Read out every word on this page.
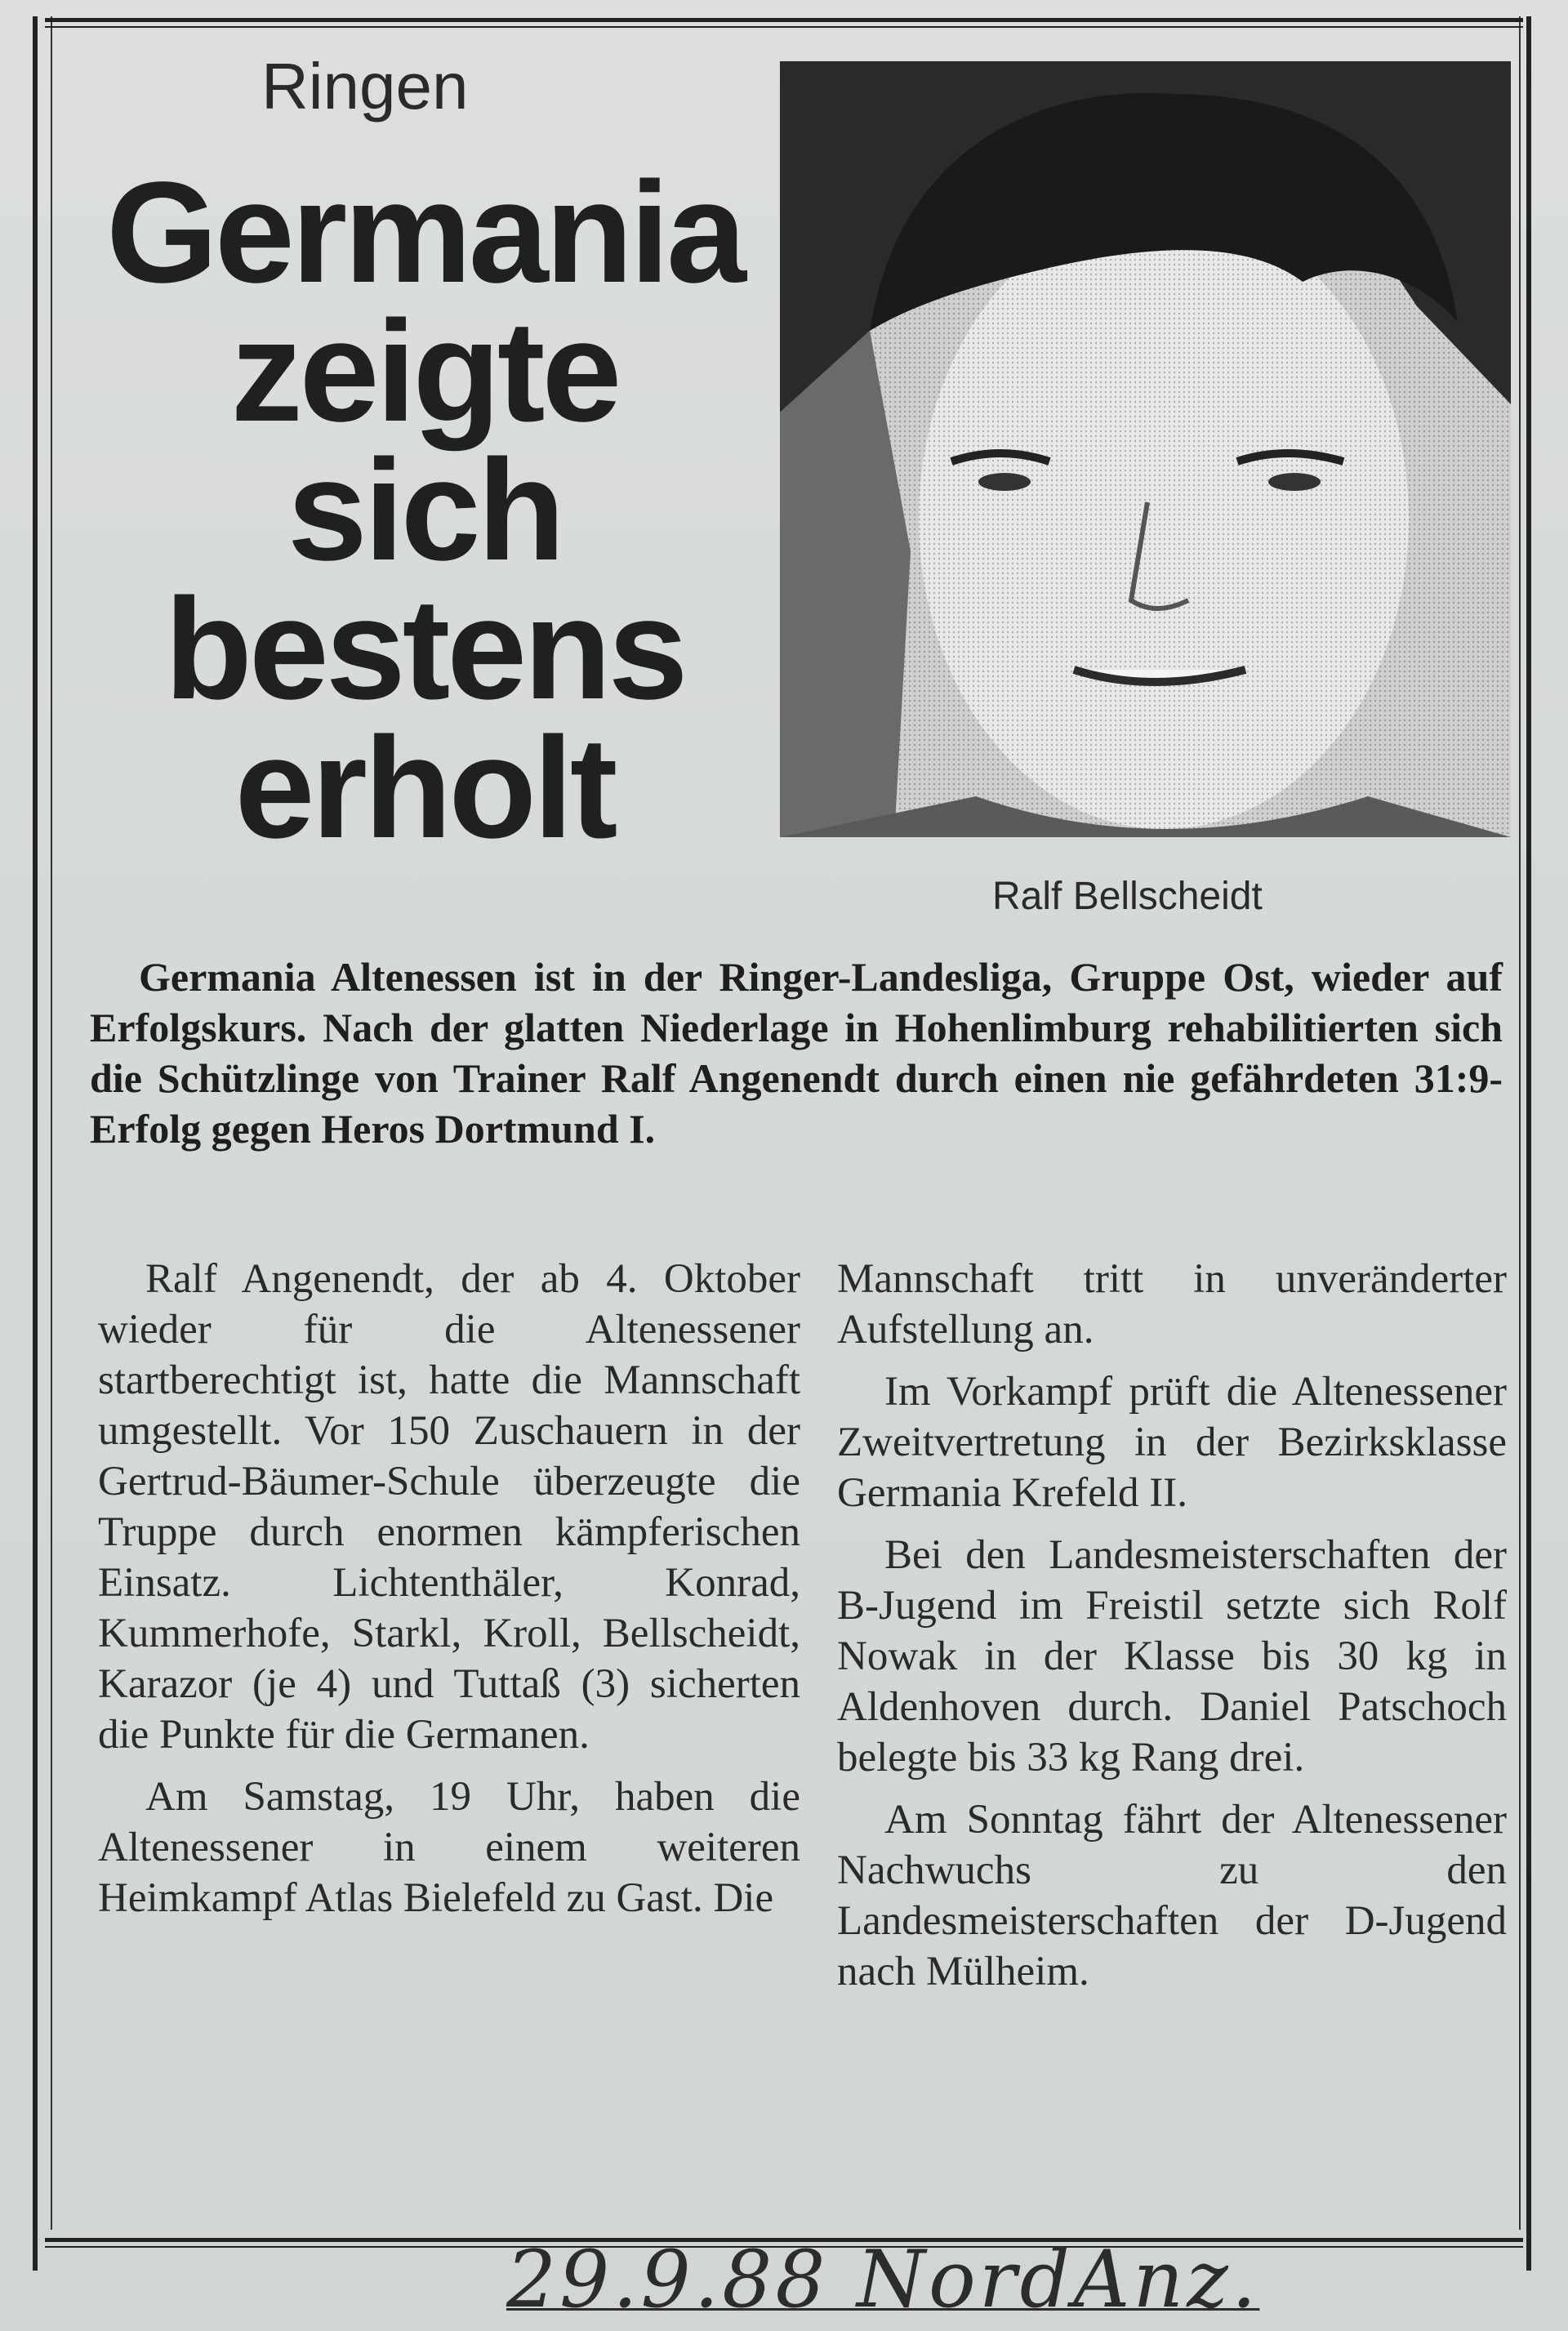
Ringen
Germania
zeigte
sich
bestens
erholt
Ralf Bellscheidt
Germania Altenessen ist in der Ringer-Landesliga, Gruppe Ost, wieder auf Erfolgskurs. Nach der glatten Niederlage in Hohenlimburg rehabilitierten sich die Schützlinge von Trainer Ralf Angenendt durch einen nie gefährdeten 31:9-Erfolg gegen Heros Dortmund I.

Ralf Angenendt, der ab 4. Oktober wieder für die Altenessener startberechtigt ist, hatte die Mannschaft umgestellt. Vor 150 Zuschauern in der Gertrud-Bäumer-Schule überzeugte die Truppe durch enormen kämpferischen Einsatz. Lichtenthäler, Konrad, Kummerhofe, Starkl, Kroll, Bellscheidt, Karazor (je 4) und Tuttaß (3) sicherten die Punkte für die Germanen.

Am Samstag, 19 Uhr, haben die Altenessener in einem weiteren Heimkampf Atlas Bielefeld zu Gast. Die

Mannschaft tritt in unveränderter Aufstellung an.

Im Vorkampf prüft die Altenessener Zweitvertretung in der Bezirksklasse Germania Krefeld II.

Bei den Landesmeisterschaften der B-Jugend im Freistil setzte sich Rolf Nowak in der Klasse bis 30 kg in Aldenhoven durch. Daniel Patschoch belegte bis 33 kg Rang drei.

Am Sonntag fährt der Altenessener Nachwuchs zu den Landesmeisterschaften der D-Jugend nach Mülheim.

29.9.88 NordAnz.
